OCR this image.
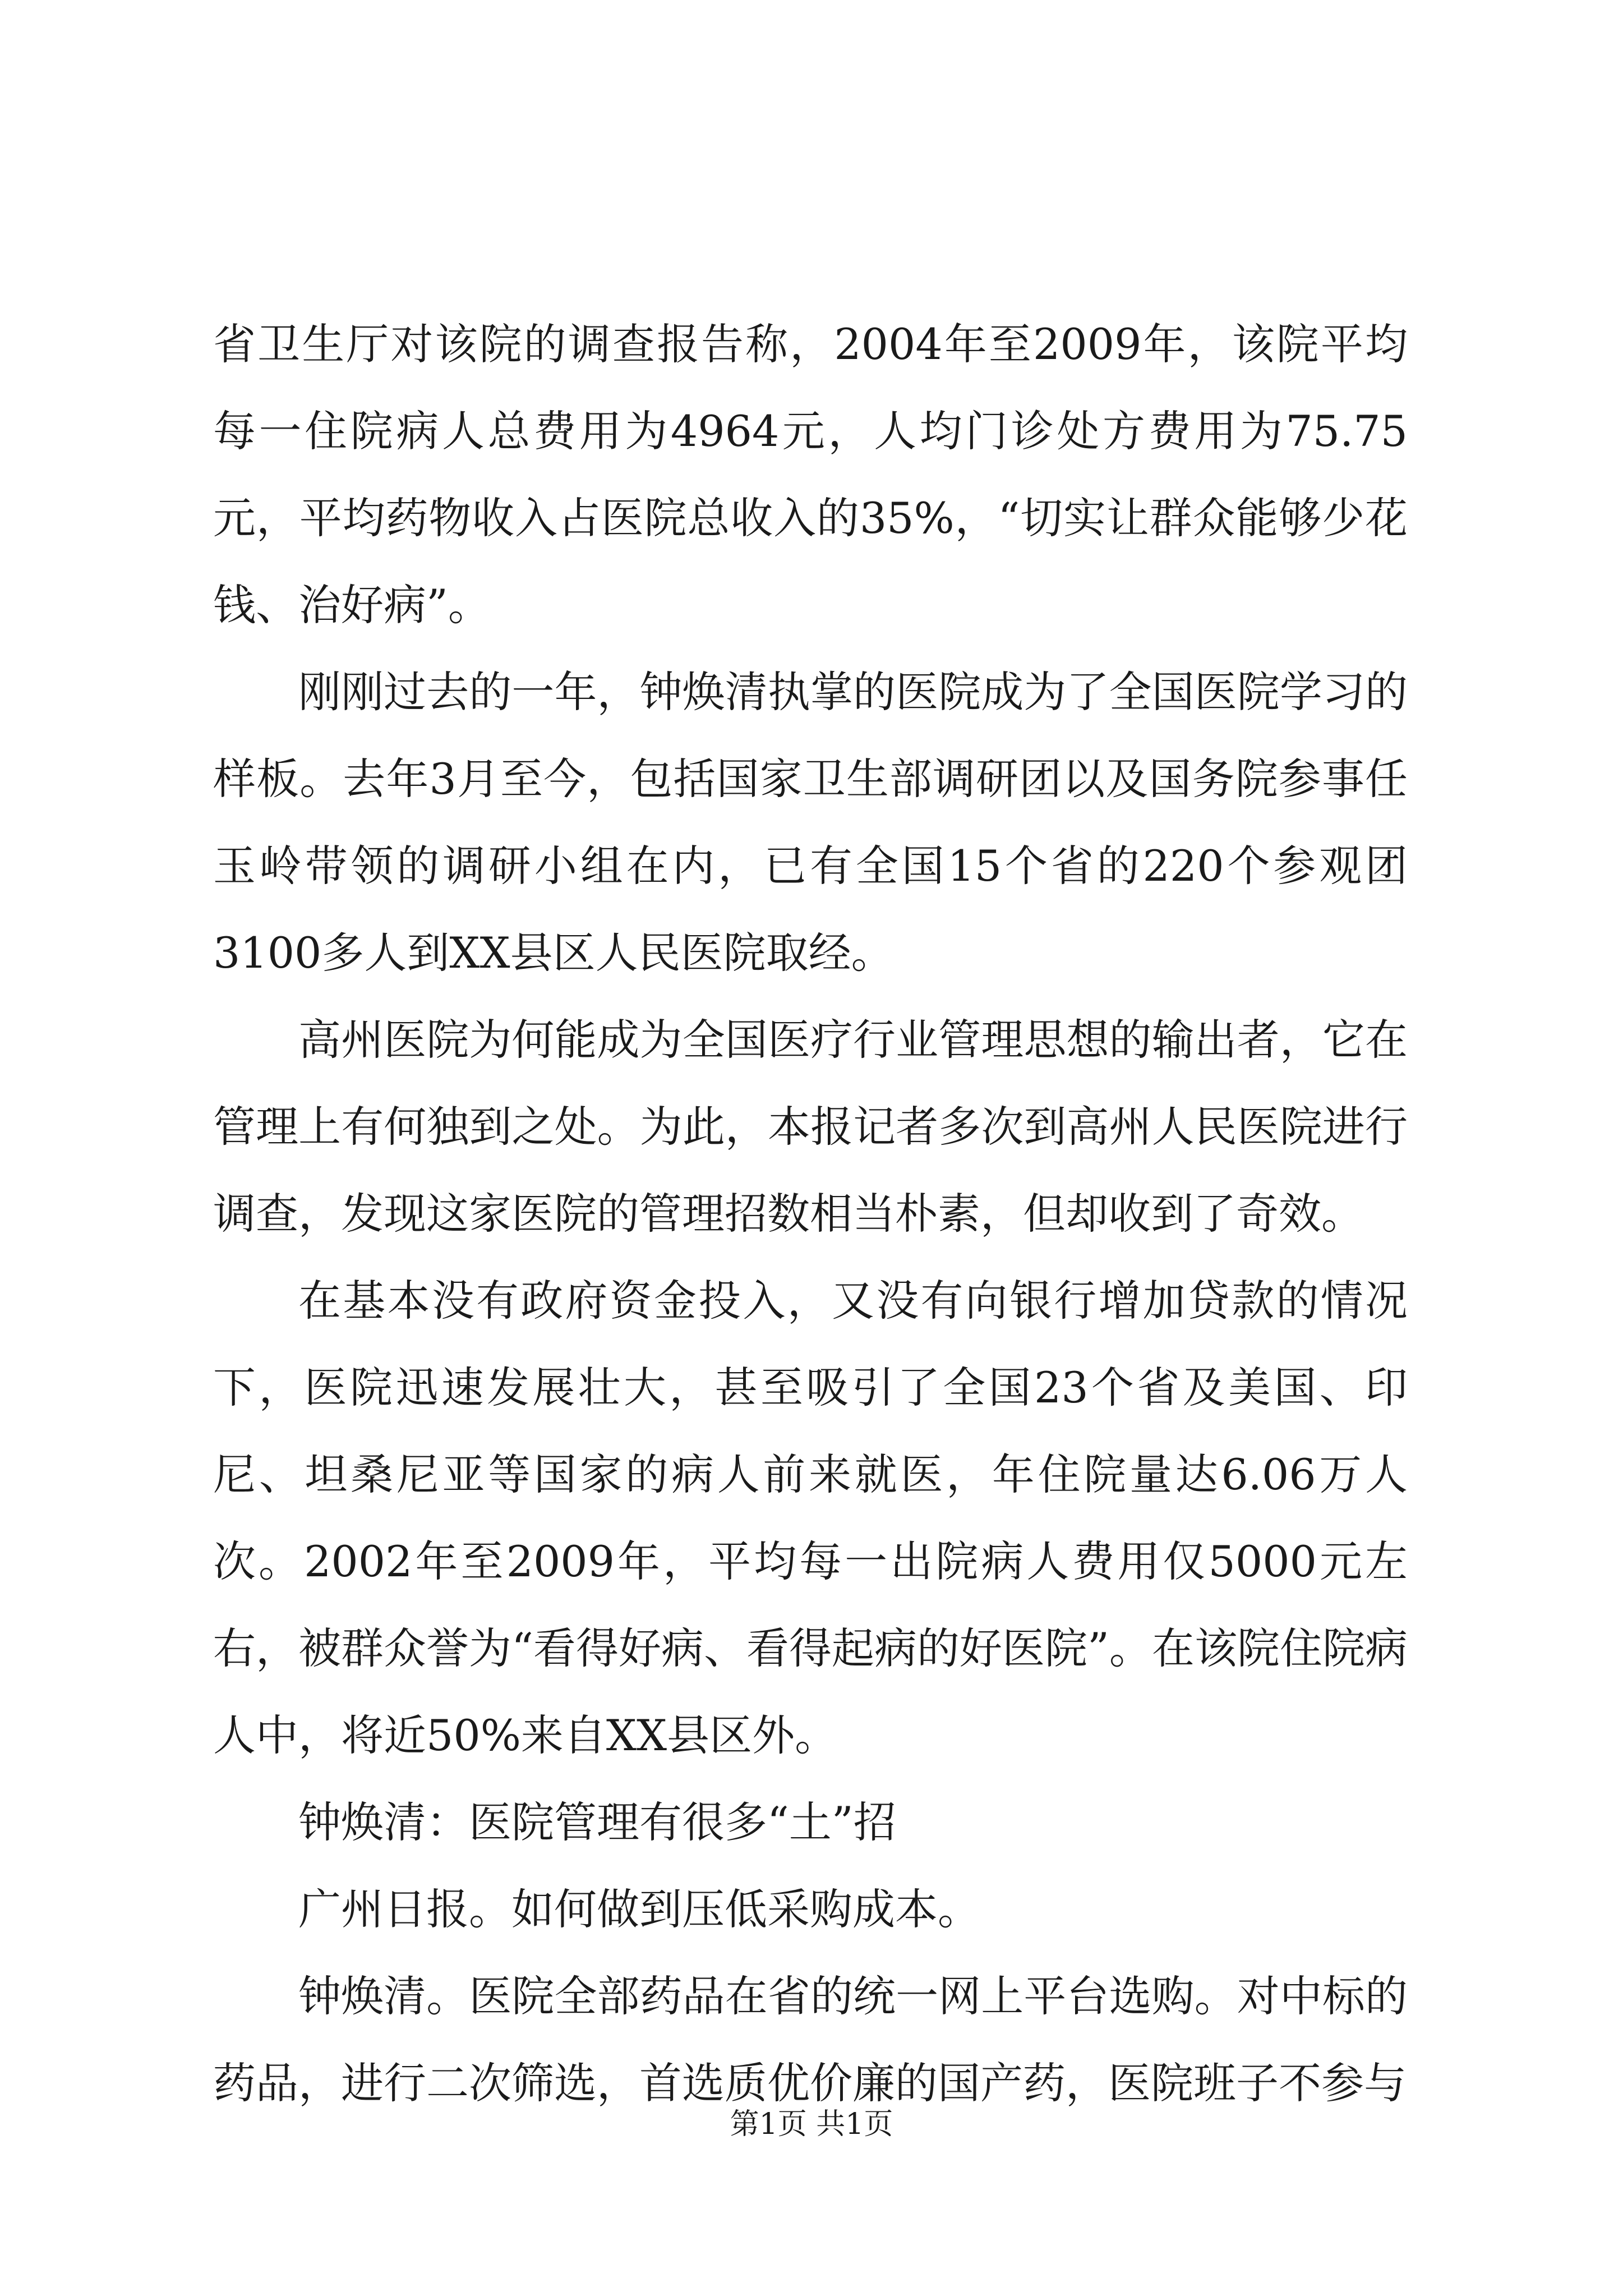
省卫生厅对该院的调查报告称，2004年至2009年，该院平均每一住院病人总费用为4964元，人均门诊处方费用为75.75元，平均药物收入占医院总收入的35%，“切实让群众能够少花钱、治好病”。

刚刚过去的一年，钟焕清执掌的医院成为了全国医院学习的样板。去年3月至今，包括国家卫生部调研团以及国务院参事任玉岭带领的调研小组在内，已有全国15个省的220个参观团3100多人到XX县区人民医院取经。

高州医院为何能成为全国医疗行业管理思想的输出者，它在管理上有何独到之处。为此，本报记者多次到高州人民医院进行调查，发现这家医院的管理招数相当朴素，但却收到了奇效。

在基本没有政府资金投入，又没有向银行增加贷款的情况下，医院迅速发展壮大，甚至吸引了全国23个省及美国、印尼、坦桑尼亚等国家的病人前来就医，年住院量达6.06万人次。2002年至2009年，平均每一出院病人费用仅5000元左右，被群众誉为“看得好病、看得起病的好医院”。在该院住院病人中，将近50%来自XX县区外。

钟焕清：医院管理有很多“土”招

广州日报。如何做到压低采购成本。

钟焕清。医院全部药品在省的统一网上平台选购。对中标的药品，进行二次筛选，首选质优价廉的国产药，医院班子不参与

第1页 共1页
